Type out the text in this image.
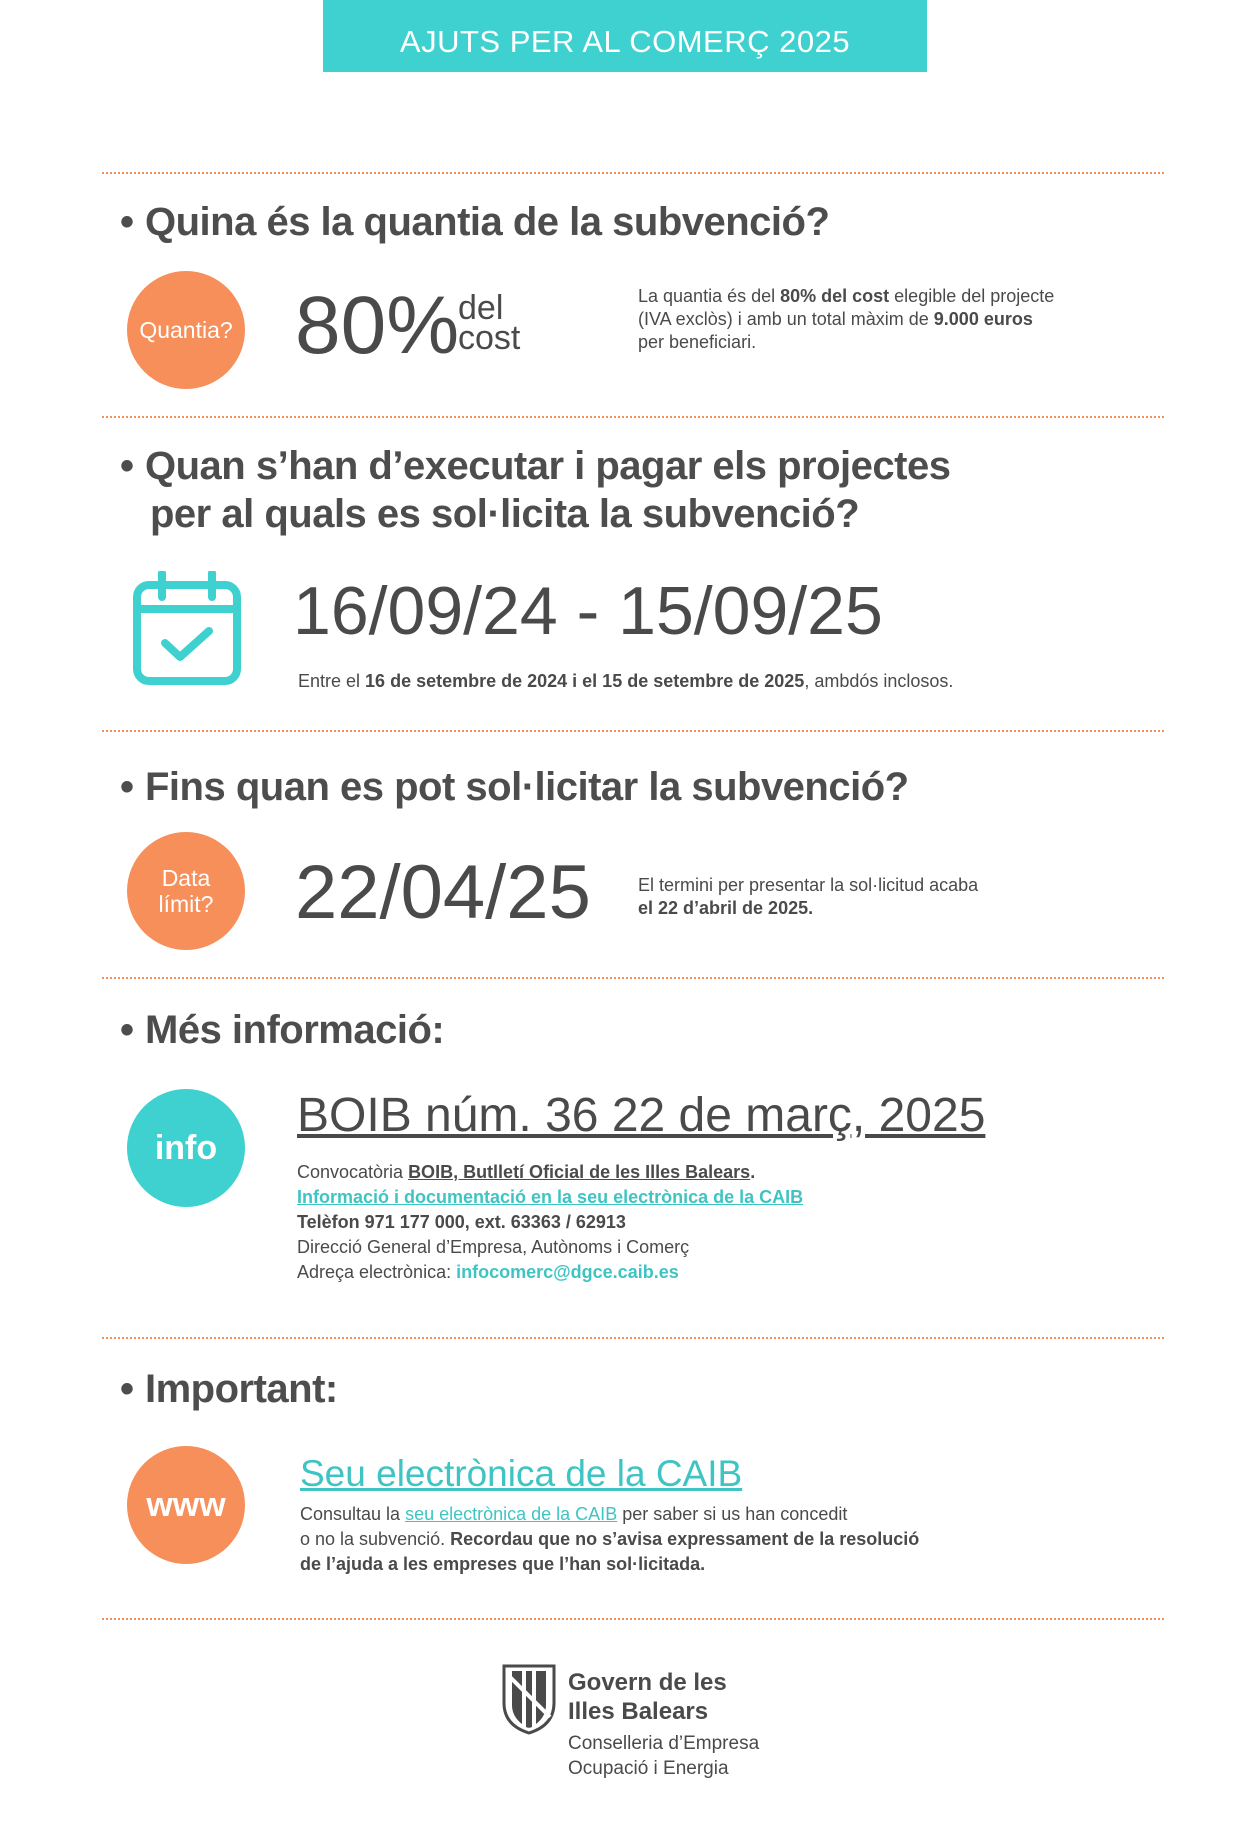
AJUTS PER AL COMERÇ 2025
• Quina és la quantia de la subvenció?
Quantia? 80%
del
cost
La quantia és del 80% del cost elegible del projecte
(IVA exclòs) i amb un total màxim de 9.000 euros
per beneficiari.
• Quan s’han d’executar i pagar els projectes
per al quals es sol·licita la subvenció?
16/09/24 - 15/09/25
Entre el 16 de setembre de 2024 i el 15 de setembre de 2025, ambdós inclosos.
• Fins quan es pot sol·licitar la subvenció?
Data
límit? 22/04/25	El termini per presentar la sol·licitud acaba
el 22 d’abril de 2025.
• Més informació:
info
BOIB núm. 36 22 de març, 2025
Convocatòria BOIB, Butlletí Oficial de les Illes Balears.
Informació i documentació en la seu electrònica de la CAIB
Telèfon 971 177 000, ext. 63363 / 62913
Direcció General d’Empresa, Autònoms i Comerç
Adreça electrònica: infocomerc@dgce.caib.es
• Important:
www
Seu electrònica de la CAIB
Consultau la seu electrònica de la CAIB per saber si us han concedit
o no la subvenció. Recordau que no s’avisa expressament de la resolució
de l’ajuda a les empreses que l’han sol·licitada.
Govern de les
Illes Balears
Conselleria d’Empresa
Ocupació i Energia
